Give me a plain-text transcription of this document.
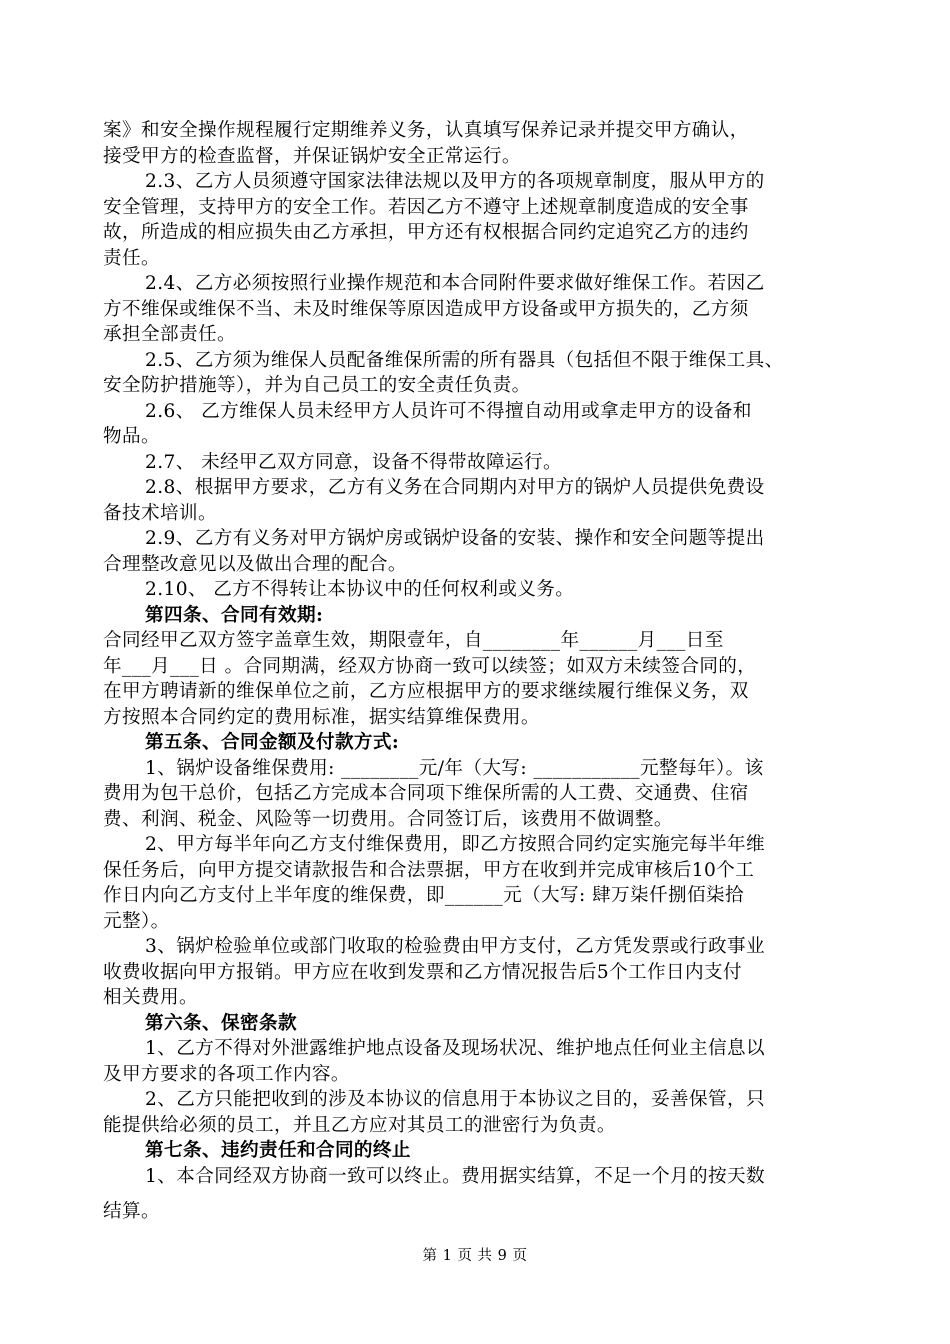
案》和安全操作规程履行定期维养义务，认真填写保养记录并提交甲方确认，

接受甲方的检查监督，并保证锅炉安全正常运行。

2.3、乙方人员须遵守国家法律法规以及甲方的各项规章制度，服从甲方的

安全管理，支持甲方的安全工作。若因乙方不遵守上述规章制度造成的安全事

故，所造成的相应损失由乙方承担，甲方还有权根据合同约定追究乙方的违约

责任。

2.4、乙方必须按照行业操作规范和本合同附件要求做好维保工作。若因乙

方不维保或维保不当、未及时维保等原因造成甲方设备或甲方损失的，乙方须

承担全部责任。

2.5、乙方须为维保人员配备维保所需的所有器具（包括但不限于维保工具、

安全防护措施等），并为自己员工的安全责任负责。

2.6、 乙方维保人员未经甲方人员许可不得擅自动用或拿走甲方的设备和

物品。

2.7、 未经甲乙双方同意，设备不得带故障运行。

2.8、根据甲方要求，乙方有义务在合同期内对甲方的锅炉人员提供免费设

备技术培训。

2.9、乙方有义务对甲方锅炉房或锅炉设备的安装、操作和安全问题等提出

合理整改意见以及做出合理的配合。

2.10、 乙方不得转让本协议中的任何权利或义务。

第四条、合同有效期:

合同经甲乙双方签字盖章生效，期限壹年，自________年______月___日至

年___月___日 。合同期满，经双方协商一致可以续签；如双方未续签合同的，

在甲方聘请新的维保单位之前，乙方应根据甲方的要求继续履行维保义务，双

方按照本合同约定的费用标准，据实结算维保费用。

第五条、合同金额及付款方式:

1、锅炉设备维保费用: ________元/年（大写: ___________元整每年）。该

费用为包干总价，包括乙方完成本合同项下维保所需的人工费、交通费、住宿

费、利润、税金、风险等一切费用。合同签订后，该费用不做调整。

2、甲方每半年向乙方支付维保费用，即乙方按照合同约定实施完每半年维

保任务后，向甲方提交请款报告和合法票据，甲方在收到并完成审核后10个工

作日内向乙方支付上半年度的维保费，即______元（大写: 肆万柒仟捌佰柒拾

元整）。

3、锅炉检验单位或部门收取的检验费由甲方支付，乙方凭发票或行政事业

收费收据向甲方报销。甲方应在收到发票和乙方情况报告后5个工作日内支付

相关费用。

第六条、保密条款

1、乙方不得对外泄露维护地点设备及现场状况、维护地点任何业主信息以

及甲方要求的各项工作内容。

2、乙方只能把收到的涉及本协议的信息用于本协议之目的，妥善保管，只

能提供给必须的员工，并且乙方应对其员工的泄密行为负责。

第七条、违约责任和合同的终止

1、本合同经双方协商一致可以终止。费用据实结算，不足一个月的按天数

结算。

第 1 页 共 9 页
